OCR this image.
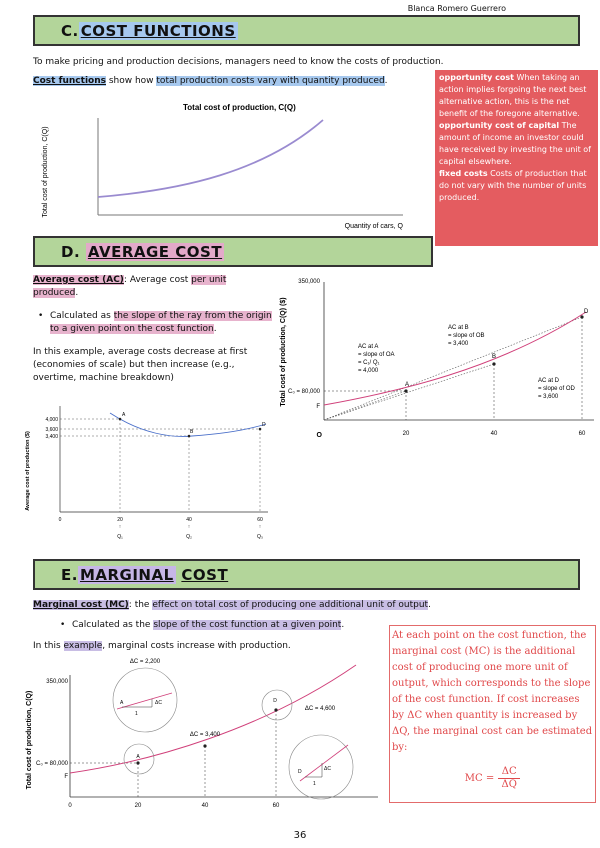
Blanca Romero Guerrero
C. COST FUNCTIONS
To make pricing and production decisions, managers need to know the costs of production.
Cost functions show how total production costs vary with quantity produced.
Total cost of production, C(Q)
Total cost of production, C(Q)
Quantity of cars, Q
opportunity cost When taking an action implies forgoing the next best alternative action, this is the net benefit of the foregone alternative.
opportunity cost of capital The amount of income an investor could have received by investing the unit of capital elsewhere.
fixed costs Costs of production that do not vary with the number of units produced.
D. AVERAGE COST
Average cost (AC): Average cost per unit produced.
• Calculated as the slope of the ray from the origin to a given point on the cost function.
In this example, average costs decrease at first (economies of scale) but then increase (e.g., overtime, machine breakdown)	Total cost of production, C(Q) ($)
350,000
20	40	60
O
C₀ = 80,000
F
A
B
D
AC at A
= slope of OA
= C₁/ Q₁
= 4,000
AC at B
= slope of OB
= 3,400
AC at D
= slope of OD
= 3,600
Average cost of production ($)
4,000
3,600
3,400
A
B
D
0	20	40	60
↑	↑	↑
Q₁	Q₂	Q₃
E. MARGINAL COST
Marginal cost (MC): the effect on total cost of producing one additional unit of output.
• Calculated as the slope of the cost function at a given point.
In this example, marginal costs increase with production.
Total cost of production, C(Q)
350,000
C₀ = 80,000
F
A
A	ΔC
1
ΔC = 2,200
ΔC = 3,400
D
ΔC = 4,600
D	ΔC
1
0	20	40	60
At each point on the cost function, the marginal cost (MC) is the additional cost of producing one more unit of output, which corresponds to the slope of the cost function. If cost increases by ΔC when quantity is increased by ΔQ, the marginal cost can be estimated by:
MC =
ΔC
ΔQ
36
